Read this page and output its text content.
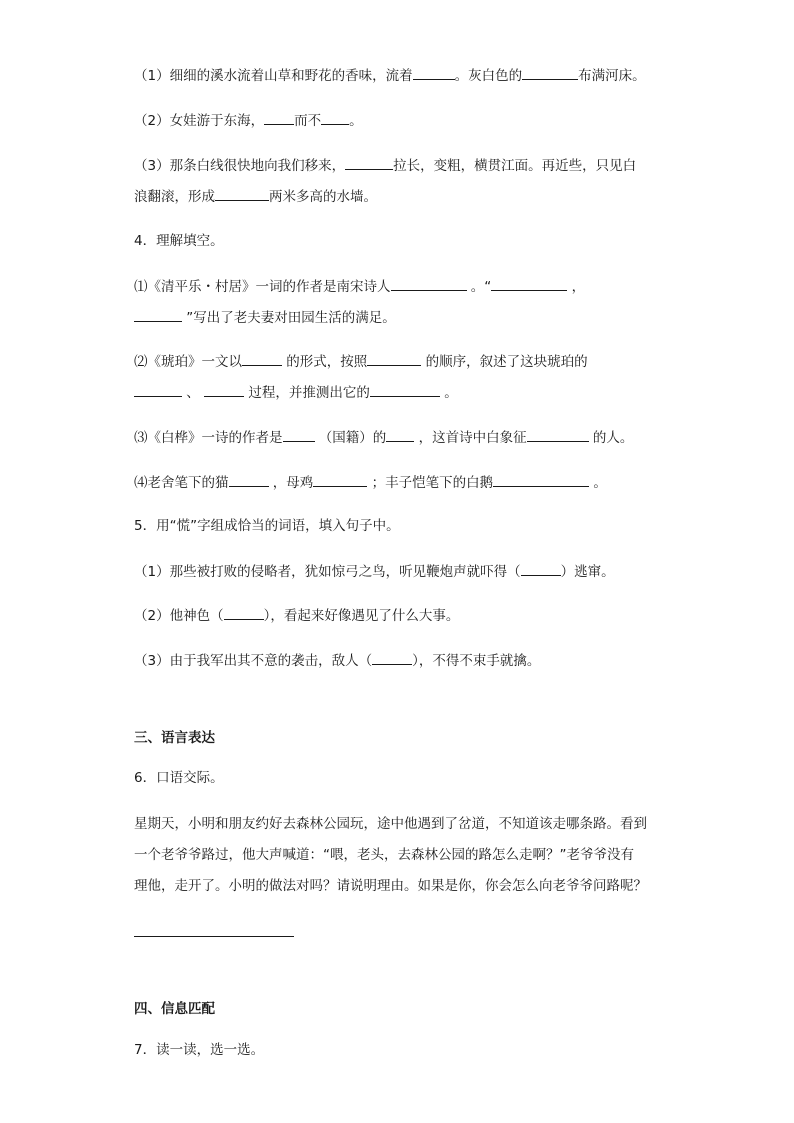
（1）细细的溪水流着山草和野花的香味，流着	。灰白色的	布满河床。
（2）女娃游于东海， 而不 。
（3）那条白线很快地向我们移来，	拉长，变粗，横贯江面。再近些，只见白
浪翻滚，形成	两米多高的水墙。
4．理解填空。
⑴《清平乐・村居》一词的作者是南宋诗人	。“	，
”写出了老夫妻对田园生活的满足。
⑵《琥珀》一文以	的形式，按照	的顺序，叙述了这块琥珀的
、	过程，并推测出它的	。
⑶《白桦》一诗的作者是	（国籍）的 ，这首诗中白象征	的人。
⑷老舍笔下的猫	，母鸡	；丰子恺笔下的白鹅	。
5．用“慌”字组成恰当的词语，填入句子中。
（1）那些被打败的侵略者，犹如惊弓之鸟，听见鞭炮声就吓得（	）逃窜。
（2）他神色（	），看起来好像遇见了什么大事。
（3）由于我军出其不意的袭击，敌人（	），不得不束手就擒。
三、语言表达
6．口语交际。
星期天，小明和朋友约好去森林公园玩，途中他遇到了岔道，不知道该走哪条路。看到
一个老爷爷路过，他大声喊道：“喂，老头，去森林公园的路怎么走啊？”老爷爷没有
理他，走开了。小明的做法对吗？请说明理由。如果是你，你会怎么向老爷爷问路呢？
四、信息匹配
7．读一读，选一选。
